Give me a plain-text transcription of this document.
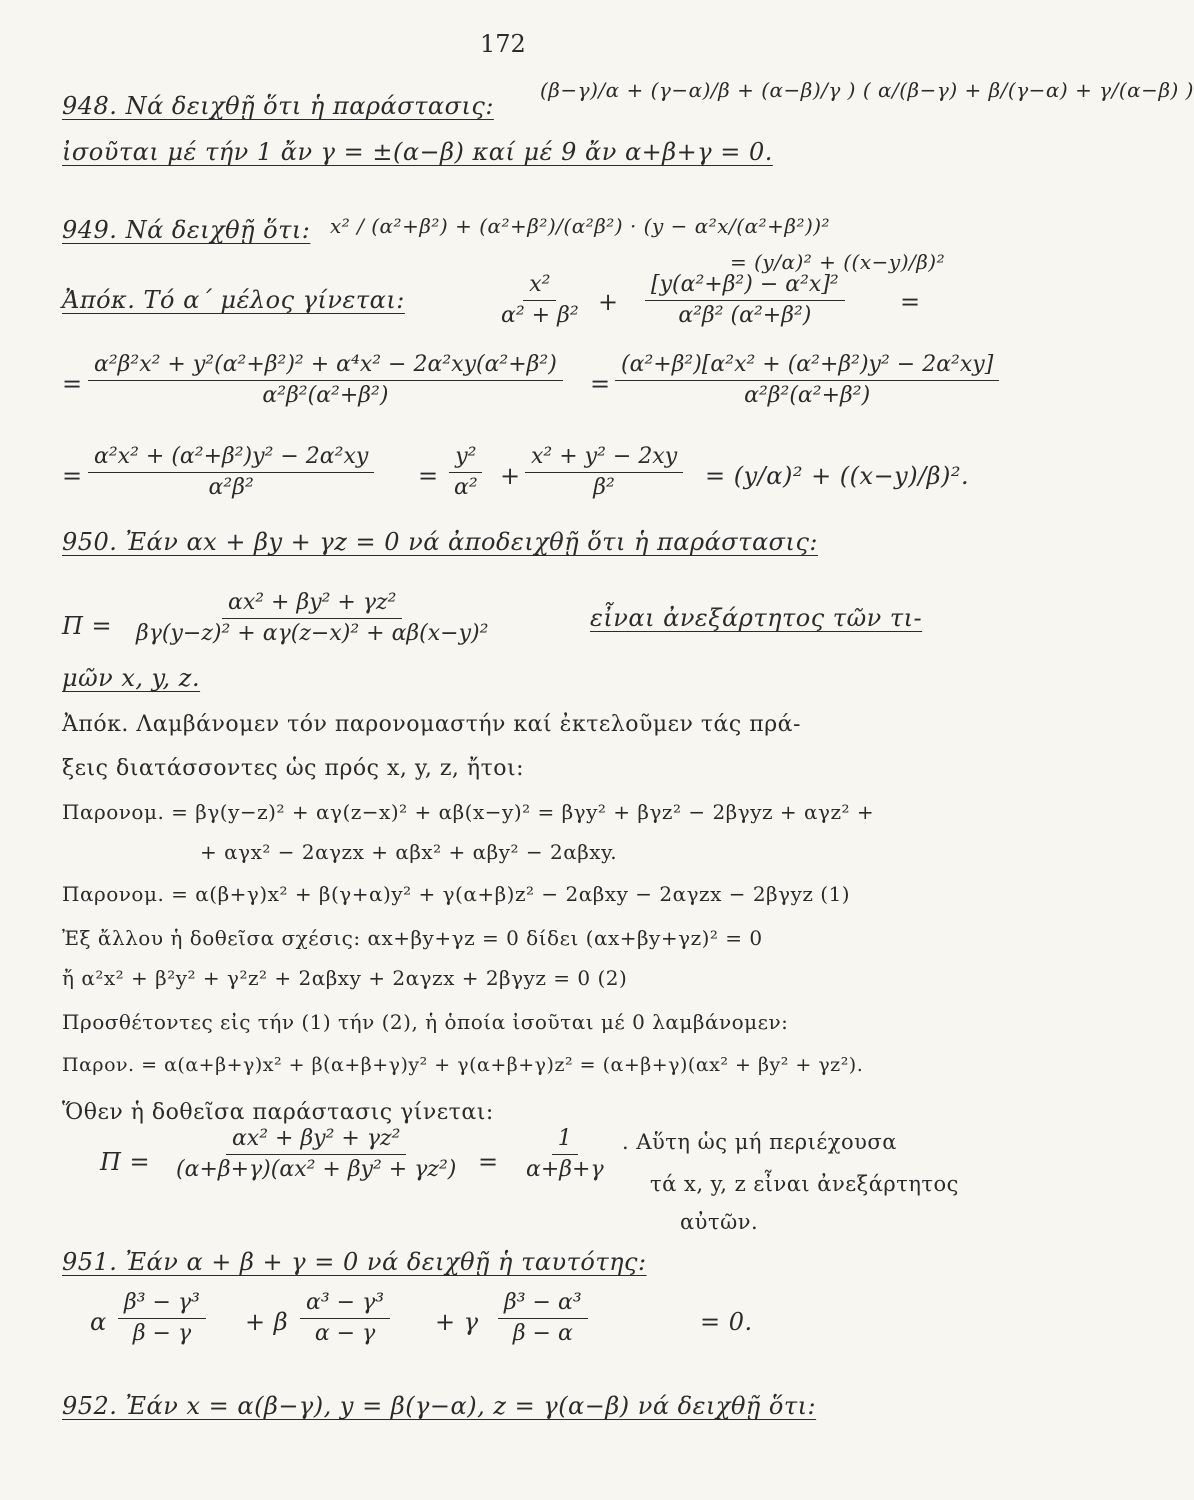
172
948. Νά δειχθῇ ὅτι ἡ παράστασις:
(β−γ)/α + (γ−α)/β + (α−β)/γ ) ( α/(β−γ) + β/(γ−α) + γ/(α−β) )
ἰσοῦται μέ τήν 1 ἄν γ = ±(α−β) καί μέ 9 ἄν α+β+γ = 0.
949. Νά δειχθῇ ὅτι: x² / (α²+β²) + (α²+β²)/(α²β²) · (y − α²x/(α²+β²))²
= (y/α)² + ((x−y)/β)²
Ἀπόκ. Τό α΄ μέλος γίνεται:	$\frac{\text{x²}}{\text{α² + β²}} + \frac{\text{[y(α²+β²) − α²x]²}}{\text{α²β² (α²+β²)}}$ =
= $\frac{\text{α²β²x² + y²(α²+β²)² + α⁴x² − 2α²xy(α²+β²)}}{\text{α²β²(α²+β²)}} = \frac{\text{(α²+β²)[α²x² + (α²+β²)y² − 2α²xy]}}{\text{α²β²(α²+β²)}}$
= $\frac{\text{α²x² + (α²+β²)y² − 2α²xy}}{\text{α²β²}} = \frac{\text{y²}}{\text{α²}} + \frac{\text{x² + y² − 2xy}}{\text{β²}} = (y/\alpha)^2 + ((x-y)/\beta)^2$.
950. Ἐάν αx + βy + γz = 0 νά ἀποδειχθῇ ὅτι ἡ παράστασις:
$\Pi = \frac{\text{αx² + βy² + γz²}}{\text{βγ(y−z)² + αγ(z−x)² + αβ(x−y)²}}$	εἶναι ἀνεξάρτητος τῶν τι-
μῶν x, y, z.
Ἀπόκ. Λαμβάνομεν τόν παρονομαστήν καί ἐκτελοῦμεν τάς πρά-
ξεις διατάσσοντες ὡς πρός x, y, z, ἤτοι:
Παρονομ. = βγ(y−z)² + αγ(z−x)² + αβ(x−y)² = βγy² + βγz² − 2βγyz + αγz² +
+ αγx² − 2αγzx + αβx² + αβy² − 2αβxy.
Παρονομ. = α(β+γ)x² + β(γ+α)y² + γ(α+β)z² − 2αβxy − 2αγzx − 2βγyz (1)
Ἐξ ἄλλου ἡ δοθεῖσα σχέσις: αx+βy+γz = 0 δίδει (αx+βy+γz)² = 0
ἤ α²x² + β²y² + γ²z² + 2αβxy + 2αγzx + 2βγyz = 0 (2)
Προσθέτοντες εἰς τήν (1) τήν (2), ἡ ὁποία ἰσοῦται μέ 0 λαμβάνομεν:
Παρον. = α(α+β+γ)x² + β(α+β+γ)y² + γ(α+β+γ)z² = (α+β+γ)(αx² + βy² + γz²).
Ὅθεν ἡ δοθεῖσα παράστασις γίνεται:
$\Pi = \frac{\text{αx² + βy² + γz²}}{\text{(α+β+γ)(αx² + βy² + γz²)}} = \frac{1}{\alpha+\beta+\gamma}$ . Αὕτη ὡς μή περιέχουσα
τά x, y, z εἶναι ἀνεξάρτητος
αὐτῶν.
951. Ἐάν α + β + γ = 0 νά δειχθῇ ἡ ταυτότης:
α $\frac{\text{β³ − γ³}}{\beta - \gamma} + \beta \frac{\text{α³ − γ³}}{\alpha - \gamma} + \gamma \frac{\text{β³ − α³}}{\beta - \alpha}$	= 0.
952. Ἐάν x = α(β−γ), y = β(γ−α), z = γ(α−β) νά δειχθῇ ὅτι:
